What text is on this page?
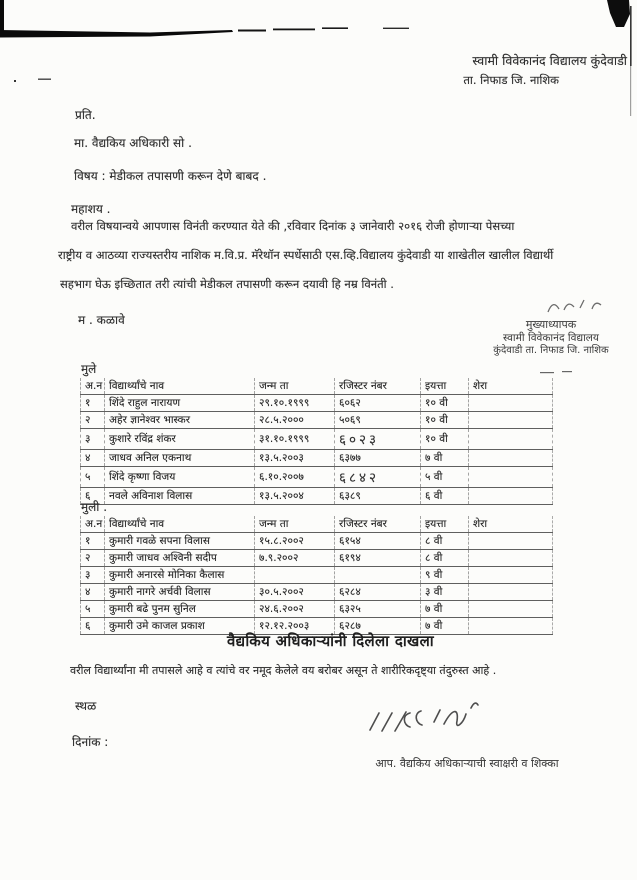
स्वामी विवेकानंद विद्यालय कुंदेवाडी
ता. निफाड जि. नाशिक
प्रति.
मा. वैद्यकिय अधिकारी सो .
विषय : मेडीकल तपासणी करून देणे बाबद .
महाशय .
वरील विषयान्वये आपणास विनंती करण्यात येते की ,रविवार दिनांक ३ जानेवारी २०१६ रोजी होणाऱ्या पेसच्या
राष्ट्रीय व आठव्या राज्यस्तरीय नाशिक म.वि.प्र. मॅरेथॉन स्पर्धेसाठी एस.व्हि.विद्यालय कुंदेवाडी या शाखेतील खालील विद्यार्थी
सहभाग घेऊ इच्छितात तरी त्यांची मेडीकल तपासणी करून दयावी हि नम्र विनंती .
म . कळावे	मुख्याध्यापक
स्वामी विवेकानंद विद्यालय
कुंदेवाडी ता. निफाड जि. नाशिक
मुले
अ.न	विद्यार्थ्यांचे नाव	जन्म ता	रजिस्टर नंबर	इयत्ता	शेरा
१	शिंदे राहुल नारायण	२९.१०.१९९९	६०६२	१० वी	
२	अहेर ज्ञानेश्वर भास्कर	२८.५.२०००	५०६९	१० वी	
३	कुशारे रविंद्र शंकर	३१.१०.१९९९	६०२३	१० वी	
४	जाधव अनिल एकनाथ	१३.५.२००३	६३७७	७ वी	
५	शिंदे कृष्णा विजय	६.१०.२००७	६८४२	५ वी	
६	नवले अविनाश विलास	१३.५.२००४	६३८९	६ वी	
मुली .
अ.न	विद्यार्थ्यांचे नाव	जन्म ता	रजिस्टर नंबर	इयत्ता	शेरा
१	कुमारी गवळे सपना विलास	१५.८.२००२	६१५४	८ वी	
२	कुमारी जाधव अश्विनी सदीप	७.९.२००२	६१९४	८ वी	
३	कुमारी अनारसे मोनिका कैलास			९ वी	
४	कुमारी नागरे अर्चवी विलास	३०.५.२००२	६२८४	३ वी	
५	कुमारी बढे पुनम सुनिल	२४.६.२००२	६३२५	७ वी	
६	कुमारी उमे काजल प्रकाश	१२.१२.२००३	६२८७	७ वी	
वैद्यकिय अधिकाऱ्यांनी दिलेला दाखला
वरील विद्यार्थ्यांना मी तपासले आहे व त्यांचे वर नमूद केलेले वय बरोबर असून ते शारीरिकदृष्ट्या तंदुरुस्त आहे .
स्थळ
दिनांक :
आप. वैद्यकिय अधिकाऱ्याची स्वाक्षरी व शिक्का
